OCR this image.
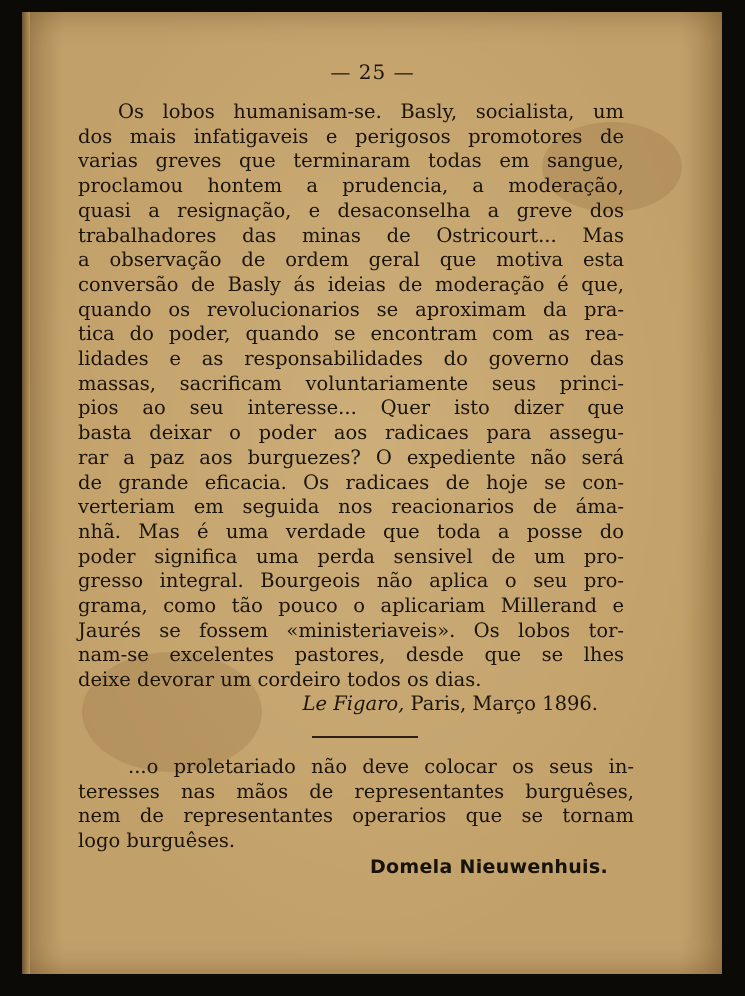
— 25 —
Os lobos humanisam-se. Basly, socialista, um
dos mais infatigaveis e perigosos promotores de
varias greves que terminaram todas em sangue,
proclamou hontem a prudencia, a moderação,
quasi a resignação, e desaconselha a greve dos
trabalhadores das minas de Ostricourt... Mas
a observação de ordem geral que motiva esta
conversão de Basly ás ideias de moderação é que,
quando os revolucionarios se aproximam da pra-
tica do poder, quando se encontram com as rea-
lidades e as responsabilidades do governo das
massas, sacrificam voluntariamente seus princi-
pios ao seu interesse... Quer isto dizer que
basta deixar o poder aos radicaes para assegu-
rar a paz aos burguezes? O expediente não será
de grande eficacia. Os radicaes de hoje se con-
verteriam em seguida nos reacionarios de áma-
nhã. Mas é uma verdade que toda a posse do
poder significa uma perda sensivel de um pro-
gresso integral. Bourgeois não aplica o seu pro-
grama, como tão pouco o aplicariam Millerand e
Jaurés se fossem «ministeriaveis». Os lobos tor-
nam-se excelentes pastores, desde que se lhes
deixe devorar um cordeiro todos os dias.
Le Figaro, Paris, Março 1896.
...o proletariado não deve colocar os seus in-
teresses nas mãos de representantes burguêses,
nem de representantes operarios que se tornam
logo burguêses.
Domela Nieuwenhuis.
